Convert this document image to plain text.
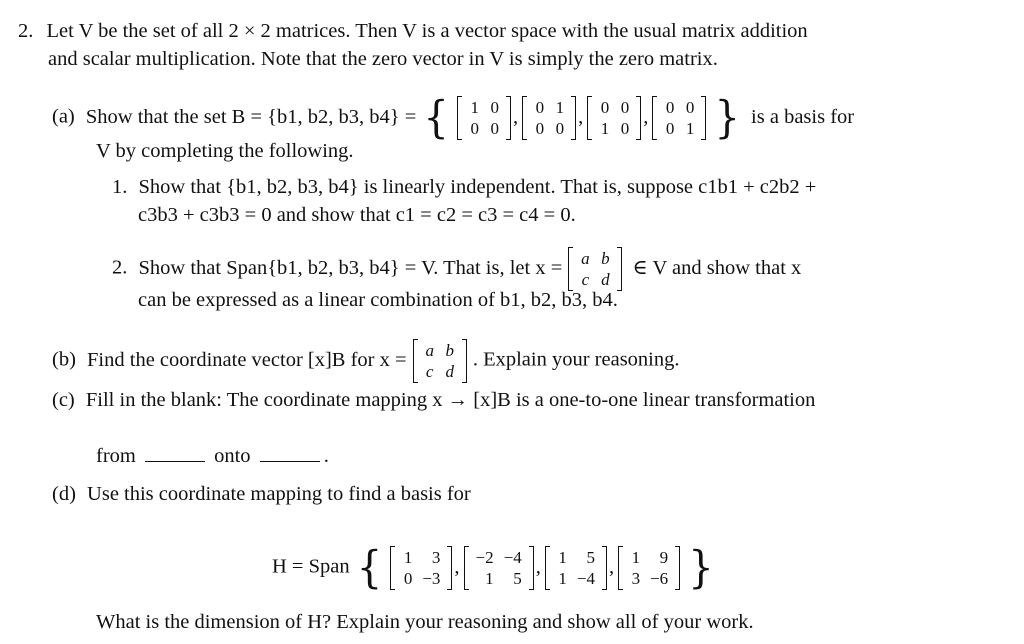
2. Let V be the set of all 2 × 2 matrices. Then V is a vector space with the usual matrix addition
and scalar multiplication. Note that the zero vector in V is simply the zero matrix.
(a) Show that the set B = {b1, b2, b3, b4} = { 1	0
0	0
, 0	1
0	0
, 0	0
1	0
, 0	0
0	1 } is a basis for
V by completing the following.
1. Show that {b1, b2, b3, b4} is linearly independent. That is, suppose c1b1 + c2b2 +
c3b3 + c3b3 = 0 and show that c1 = c2 = c3 = c4 = 0.
2. Show that Span{b1, b2, b3, b4} = V. That is, let x = a	b
c	d
∈ V and show that x
can be expressed as a linear combination of b1, b2, b3, b4.
(b) Find the coordinate vector [x]B for x = a	b
c	d
. Explain your reasoning.
(c) Fill in the blank: The coordinate mapping x → [x]B is a one-to-one linear transformation
from	onto	.
(d) Use this coordinate mapping to find a basis for
H = Span { 1	3
0	−3
, −2	−4
1	5
, 1	5
1	−4
, 1	9
3	−6 }
What is the dimension of H? Explain your reasoning and show all of your work.
